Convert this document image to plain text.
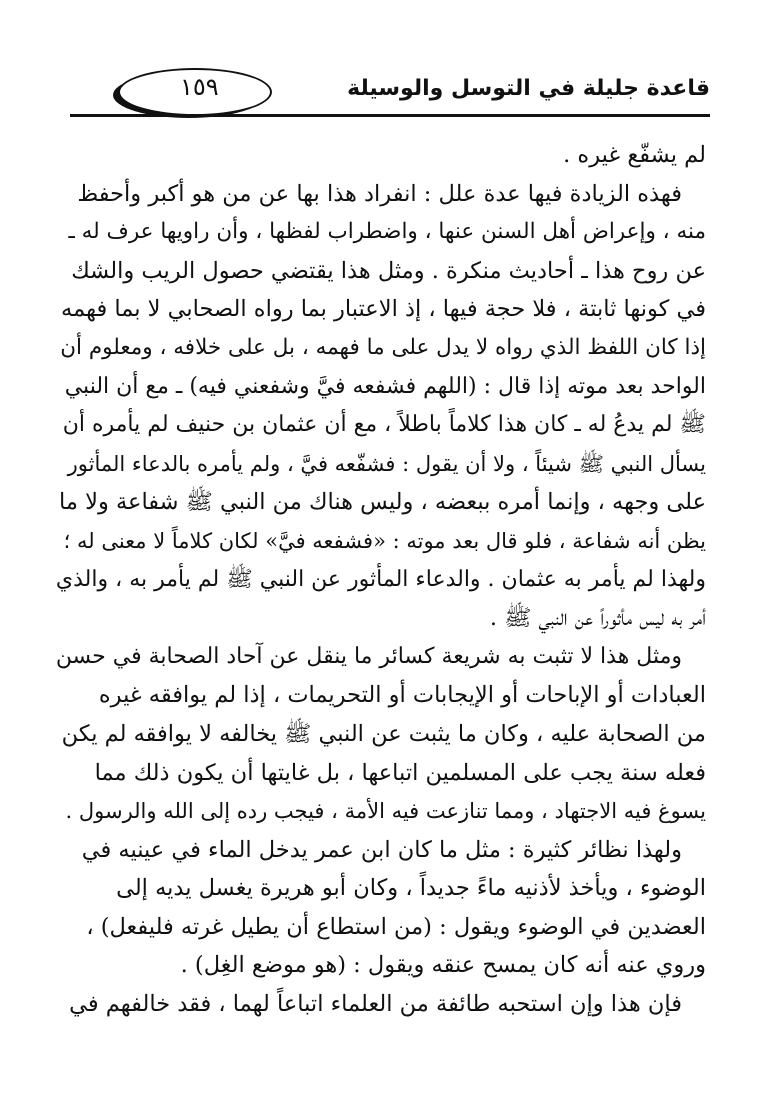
قاعدة جليلة في التوسل والوسيلة
١٥٩
لم يشفّع غيره .
فهذه الزيادة فيها عدة علل : انفراد هذا بها عن من هو أكبر وأحفظ
منه ، وإعراض أهل السنن عنها ، واضطراب لفظها ، وأن راويها عرف له ـ
عن روح هذا ـ أحاديث منكرة . ومثل هذا يقتضي حصول الريب والشك
في كونها ثابتة ، فلا حجة فيها ، إذ الاعتبار بما رواه الصحابي لا بما فهمه
إذا كان اللفظ الذي رواه لا يدل على ما فهمه ، بل على خلافه ، ومعلوم أن
الواحد بعد موته إذا قال : (اللهم فشفعه فيَّ وشفعني فيه) ـ مع أن النبي
ﷺ لم يدعُ له ـ كان هذا كلاماً باطلاً ، مع أن عثمان بن حنيف لم يأمره أن
يسأل النبي ﷺ شيئاً ، ولا أن يقول : فشفّعه فيَّ ، ولم يأمره بالدعاء المأثور
على وجهه ، وإنما أمره ببعضه ، وليس هناك من النبي ﷺ شفاعة ولا ما
يظن أنه شفاعة ، فلو قال بعد موته : «فشفعه فيَّ» لكان كلاماً لا معنى له ؛
ولهذا لم يأمر به عثمان . والدعاء المأثور عن النبي ﷺ لم يأمر به ، والذي
أمر به ليس مأثوراً عن النبي ﷺ .
ومثل هذا لا تثبت به شريعة كسائر ما ينقل عن آحاد الصحابة في حسن
العبادات أو الإباحات أو الإيجابات أو التحريمات ، إذا لم يوافقه غيره
من الصحابة عليه ، وكان ما يثبت عن النبي ﷺ يخالفه لا يوافقه لم يكن
فعله سنة يجب على المسلمين اتباعها ، بل غايتها أن يكون ذلك مما
يسوغ فيه الاجتهاد ، ومما تنازعت فيه الأمة ، فيجب رده إلى الله والرسول .
ولهذا نظائر كثيرة : مثل ما كان ابن عمر يدخل الماء في عينيه في
الوضوء ، ويأخذ لأذنيه ماءً جديداً ، وكان أبو هريرة يغسل يديه إلى
العضدين في الوضوء ويقول : (من استطاع أن يطيل غرته فليفعل) ،
وروي عنه أنه كان يمسح عنقه ويقول : (هو موضع الغِل) .
فإن هذا وإن استحبه طائفة من العلماء اتباعاً لهما ، فقد خالفهم في
